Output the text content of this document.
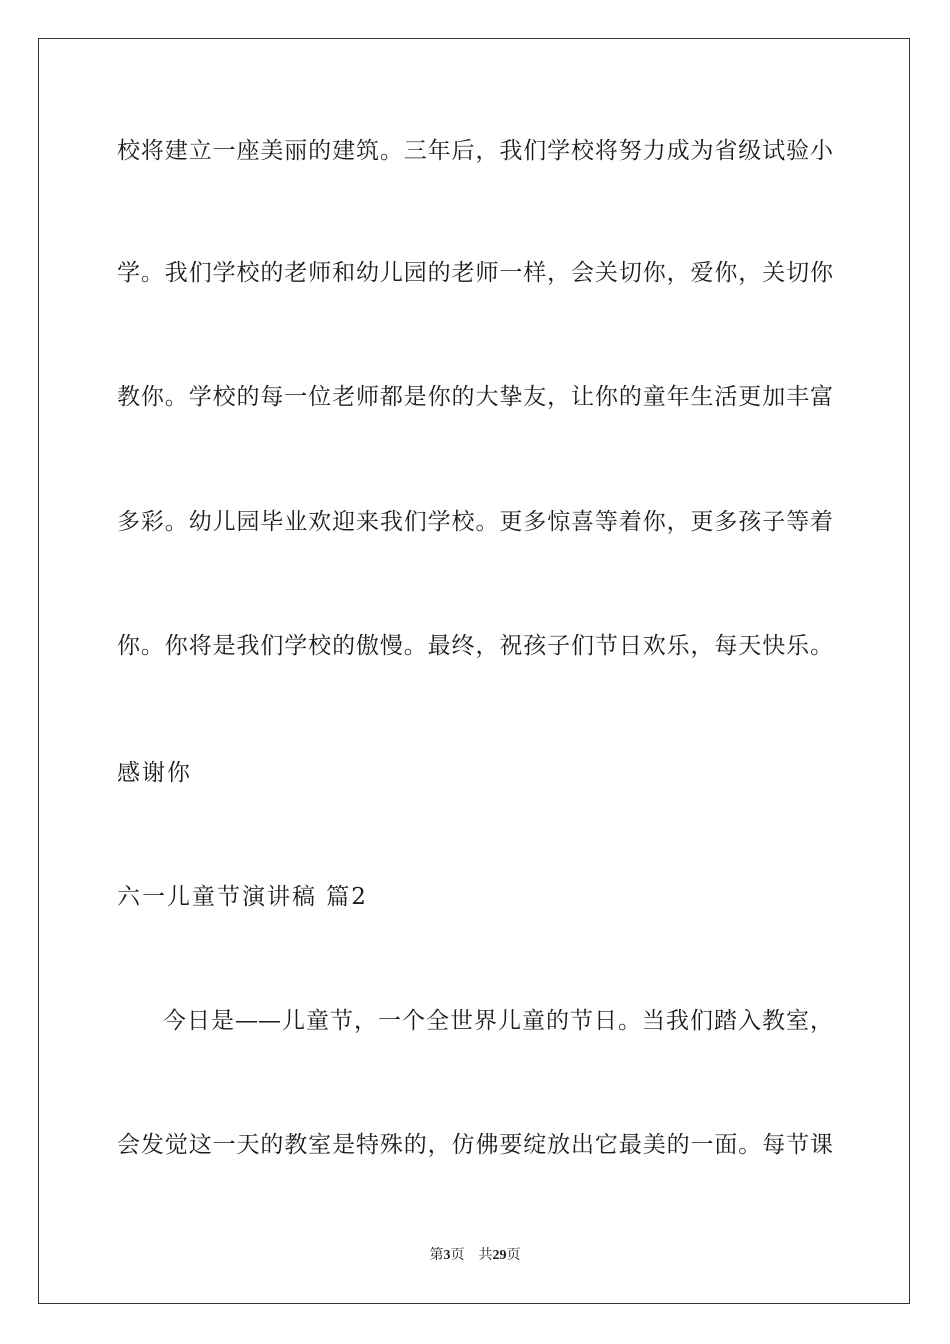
校将建立一座美丽的建筑。三年后，我们学校将努力成为省级试验小
学。我们学校的老师和幼儿园的老师一样，会关切你，爱你，关切你
教你。学校的每一位老师都是你的大挚友，让你的童年生活更加丰富
多彩。幼儿园毕业欢迎来我们学校。更多惊喜等着你，更多孩子等着
你。你将是我们学校的傲慢。最终，祝孩子们节日欢乐，每天快乐。
感谢你
六一儿童节演讲稿 篇2
今日是——儿童节，一个全世界儿童的节日。当我们踏入教室，
会发觉这一天的教室是特殊的，仿佛要绽放出它最美的一面。每节课
第3页 共29页
